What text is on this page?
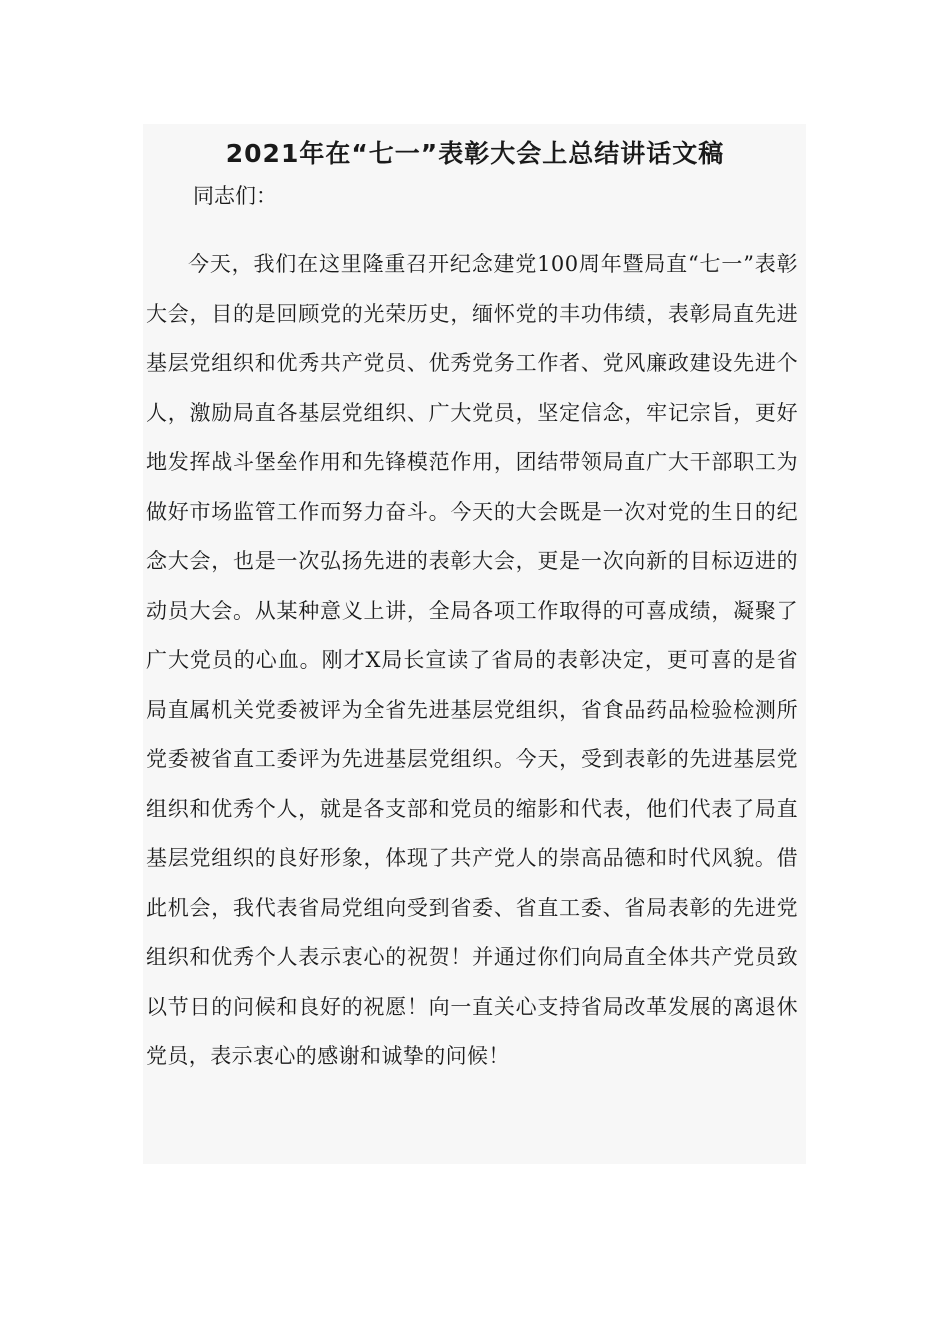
2021年在“七一”表彰大会上总结讲话文稿

同志们：

今天，我们在这里隆重召开纪念建党100周年暨局直“七一”表彰大会，目的是回顾党的光荣历史，缅怀党的丰功伟绩，表彰局直先进基层党组织和优秀共产党员、优秀党务工作者、党风廉政建设先进个人，激励局直各基层党组织、广大党员，坚定信念，牢记宗旨，更好地发挥战斗堡垒作用和先锋模范作用，团结带领局直广大干部职工为做好市场监管工作而努力奋斗。今天的大会既是一次对党的生日的纪念大会，也是一次弘扬先进的表彰大会，更是一次向新的目标迈进的动员大会。从某种意义上讲，全局各项工作取得的可喜成绩，凝聚了广大党员的心血。刚才X局长宣读了省局的表彰决定，更可喜的是省局直属机关党委被评为全省先进基层党组织，省食品药品检验检测所党委被省直工委评为先进基层党组织。今天，受到表彰的先进基层党组织和优秀个人，就是各支部和党员的缩影和代表，他们代表了局直基层党组织的良好形象，体现了共产党人的崇高品德和时代风貌。借此机会，我代表省局党组向受到省委、省直工委、省局表彰的先进党组织和优秀个人表示衷心的祝贺！并通过你们向局直全体共产党员致以节日的问候和良好的祝愿！向一直关心支持省局改革发展的离退休党员，表示衷心的感谢和诚挚的问候！
